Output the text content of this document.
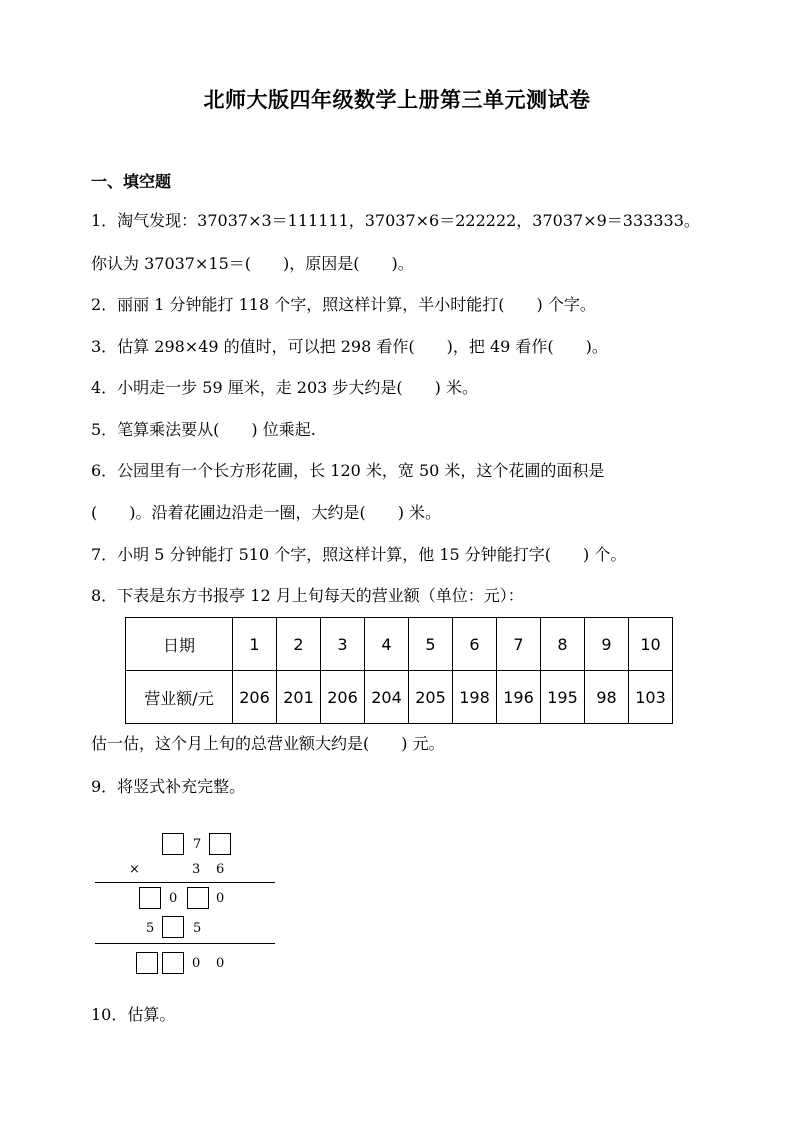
北师大版四年级数学上册第三单元测试卷
一、填空题
1．淘气发现：37037×3＝111111，37037×6＝222222，37037×9＝333333。
你认为 37037×15＝(　　)，原因是(　　)。
2．丽丽 1 分钟能打 118 个字，照这样计算，半小时能打(　　) 个字。
3．估算 298×49 的值时，可以把 298 看作(　　)，把 49 看作(　　)。
4．小明走一步 59 厘米，走 203 步大约是(　　) 米。
5．笔算乘法要从(　　) 位乘起.
6．公园里有一个长方形花圃，长 120 米，宽 50 米，这个花圃的面积是
(　　)。沿着花圃边沿走一圈，大约是(　　) 米。
7．小明 5 分钟能打 510 个字，照这样计算，他 15 分钟能打字(　　) 个。
8．下表是东方书报亭 12 月上旬每天的营业额（单位：元）：
日期	1	2	3	4	5	6	7	8	9	10
营业额/元	206	201	206	204	205	198	196	195	98	103
估一估，这个月上旬的总营业额大约是(　　) 元。
9．将竖式补充完整。
7
×	3 6
0	0
5	5
0 0
10．估算。
